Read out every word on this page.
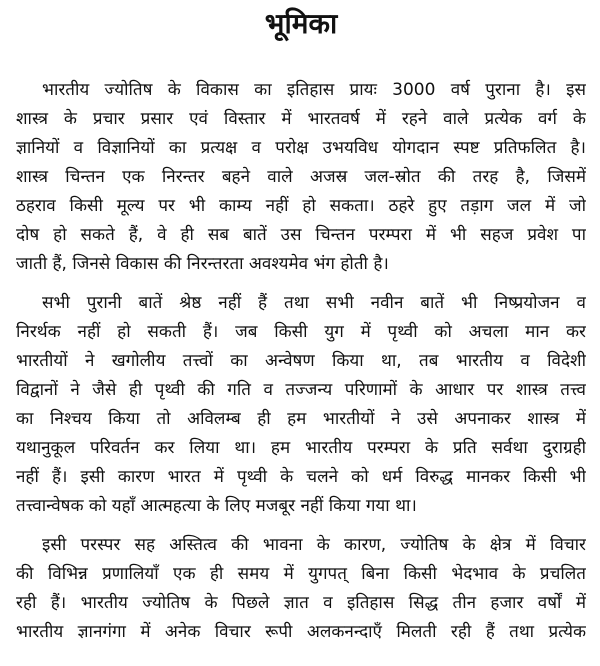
भूमिका
भारतीय ज्योतिष के विकास का इतिहास प्रायः 3000 वर्ष पुराना है। इस
शास्त्र के प्रचार प्रसार एवं विस्तार में भारतवर्ष में रहने वाले प्रत्येक वर्ग के
ज्ञानियों व विज्ञानियों का प्रत्यक्ष व परोक्ष उभयविध योगदान स्पष्ट प्रतिफलित है।
शास्त्र चिन्तन एक निरन्तर बहने वाले अजस्र जल-स्रोत की तरह है, जिसमें
ठहराव किसी मूल्य पर भी काम्य नहीं हो सकता। ठहरे हुए तड़ाग जल में जो
दोष हो सकते हैं, वे ही सब बातें उस चिन्तन परम्परा में भी सहज प्रवेश पा
जाती हैं, जिनसे विकास की निरन्तरता अवश्यमेव भंग होती है।
सभी पुरानी बातें श्रेष्ठ नहीं हैं तथा सभी नवीन बातें भी निष्प्रयोजन व
निरर्थक नहीं हो सकती हैं। जब किसी युग में पृथ्वी को अचला मान कर
भारतीयों ने खगोलीय तत्त्वों का अन्वेषण किया था, तब भारतीय व विदेशी
विद्वानों ने जैसे ही पृथ्वी की गति व तज्जन्य परिणामों के आधार पर शास्त्र तत्त्व
का निश्चय किया तो अविलम्ब ही हम भारतीयों ने उसे अपनाकर शास्त्र में
यथानुकूल परिवर्तन कर लिया था। हम भारतीय परम्परा के प्रति सर्वथा दुराग्रही
नहीं हैं। इसी कारण भारत में पृथ्वी के चलने को धर्म विरुद्ध मानकर किसी भी
तत्त्वान्वेषक को यहाँ आत्महत्या के लिए मजबूर नहीं किया गया था।
इसी परस्पर सह अस्तित्व की भावना के कारण, ज्योतिष के क्षेत्र में विचार
की विभिन्न प्रणालियाँ एक ही समय में युगपत् बिना किसी भेदभाव के प्रचलित
रही हैं। भारतीय ज्योतिष के पिछले ज्ञात व इतिहास सिद्ध तीन हजार वर्षों में
भारतीय ज्ञानगंगा में अनेक विचार रूपी अलकनन्दाएँ मिलती रही हैं तथा प्रत्येक
